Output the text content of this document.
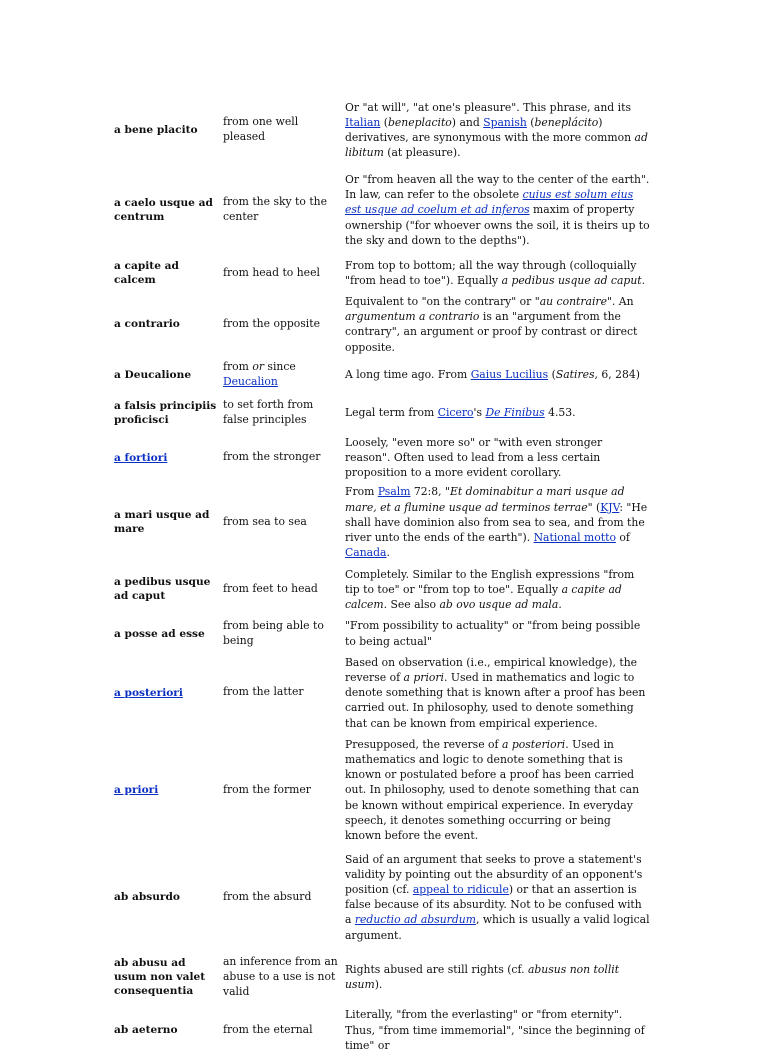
a bene placito	from one well pleased	Or "at will", "at one's pleasure". This phrase, and its Italian (beneplacito) and Spanish (beneplácito) derivatives, are synonymous with the more common ad libitum (at pleasure).
a caelo usque ad centrum	from the sky to the center	Or "from heaven all the way to the center of the earth". In law, can refer to the obsolete cuius est solum eius est usque ad coelum et ad inferos maxim of property ownership ("for whoever owns the soil, it is theirs up to the sky and down to the depths").
a capite ad calcem	from head to heel	From top to bottom; all the way through (colloquially "from head to toe"). Equally a pedibus usque ad caput.
a contrario	from the opposite	Equivalent to "on the contrary" or "au contraire". An argumentum a contrario is an "argument from the contrary", an argument or proof by contrast or direct opposite.
a Deucalione	from or since Deucalion	A long time ago. From Gaius Lucilius (Satires, 6, 284)
a falsis principiis proficisci	to set forth from false principles	Legal term from Cicero's De Finibus 4.53.
a fortiori	from the stronger	Loosely, "even more so" or "with even stronger reason". Often used to lead from a less certain proposition to a more evident corollary.
a mari usque ad mare	from sea to sea	From Psalm 72:8, "Et dominabitur a mari usque ad mare, et a flumine usque ad terminos terrae" (KJV: "He shall have dominion also from sea to sea, and from the river unto the ends of the earth"). National motto of Canada.
a pedibus usque ad caput	from feet to head	Completely. Similar to the English expressions "from tip to toe" or "from top to toe". Equally a capite ad calcem. See also ab ovo usque ad mala.
a posse ad esse	from being able to being	"From possibility to actuality" or "from being possible to being actual"
a posteriori	from the latter	Based on observation (i.e., empirical knowledge), the reverse of a priori. Used in mathematics and logic to denote something that is known after a proof has been carried out. In philosophy, used to denote something that can be known from empirical experience.
a priori	from the former	Presupposed, the reverse of a posteriori. Used in mathematics and logic to denote something that is known or postulated before a proof has been carried out. In philosophy, used to denote something that can be known without empirical experience. In everyday speech, it denotes something occurring or being known before the event.
ab absurdo	from the absurd	Said of an argument that seeks to prove a statement's validity by pointing out the absurdity of an opponent's position (cf. appeal to ridicule) or that an assertion is false because of its absurdity. Not to be confused with a reductio ad absurdum, which is usually a valid logical argument.
ab abusu ad usum non valet consequentia	an inference from an abuse to a use is not valid	Rights abused are still rights (cf. abusus non tollit usum).
ab aeterno	from the eternal	Literally, "from the everlasting" or "from eternity". Thus, "from time immemorial", "since the beginning of time" or
